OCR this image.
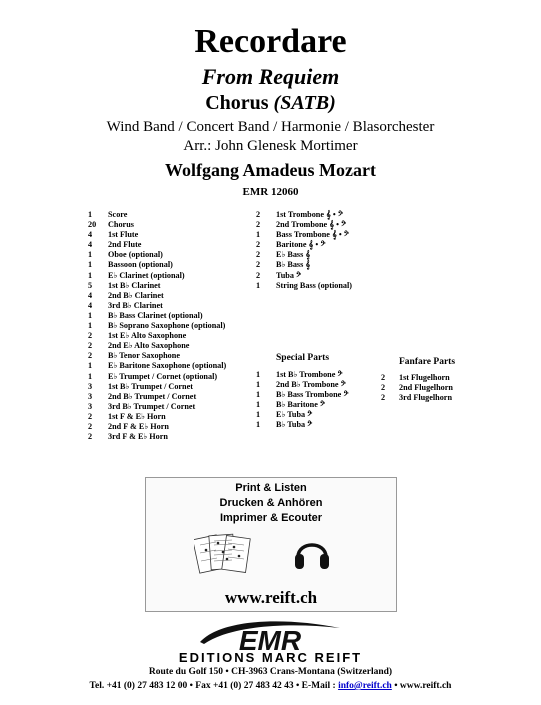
Recordare
From Requiem
Chorus (SATB)
Wind Band / Concert Band / Harmonie / Blasorchester
Arr.: John Glenesk Mortimer
Wolfgang Amadeus Mozart
EMR 12060
1	Score
20	Chorus
4	1st Flute
4	2nd Flute
1	Oboe (optional)
1	Bassoon (optional)
1	E♭ Clarinet (optional)
5	1st B♭ Clarinet
4	2nd B♭ Clarinet
4	3rd B♭ Clarinet
1	B♭ Bass Clarinet (optional)
1	B♭ Soprano Saxophone (optional)
2	1st E♭ Alto Saxophone
2	2nd E♭ Alto Saxophone
2	B♭ Tenor Saxophone
1	E♭ Baritone Saxophone (optional)
1	E♭ Trumpet / Cornet (optional)
3	1st B♭ Trumpet / Cornet
3	2nd B♭ Trumpet / Cornet
3	3rd B♭ Trumpet / Cornet
2	1st F & E♭ Horn
2	2nd F & E♭ Horn
2	3rd F & E♭ Horn
2	1st Trombone 𝄞 • 𝄢
2	2nd Trombone 𝄞 • 𝄢
1	Bass Trombone 𝄞 • 𝄢
2	Baritone 𝄞 • 𝄢
2	E♭ Bass 𝄞
2	B♭ Bass 𝄞
2	Tuba 𝄢
1	String Bass (optional)
Special Parts
1	1st B♭ Trombone 𝄢
1	2nd B♭ Trombone 𝄢
1	B♭ Bass Trombone 𝄢
1	B♭ Baritone 𝄢
1	E♭ Tuba 𝄢
1	B♭ Tuba 𝄢
Fanfare Parts
2	1st Flugelhorn
2	2nd Flugelhorn
2	3rd Flugelhorn
Print & Listen
Drucken & Anhören
Imprimer & Ecouter
www.reift.ch
EMR
EDITIONS MARC REIFT
Route du Golf 150 • CH-3963 Crans-Montana (Switzerland)
Tel. +41 (0) 27 483 12 00 • Fax +41 (0) 27 483 42 43 • E-Mail : info@reift.ch • www.reift.ch
